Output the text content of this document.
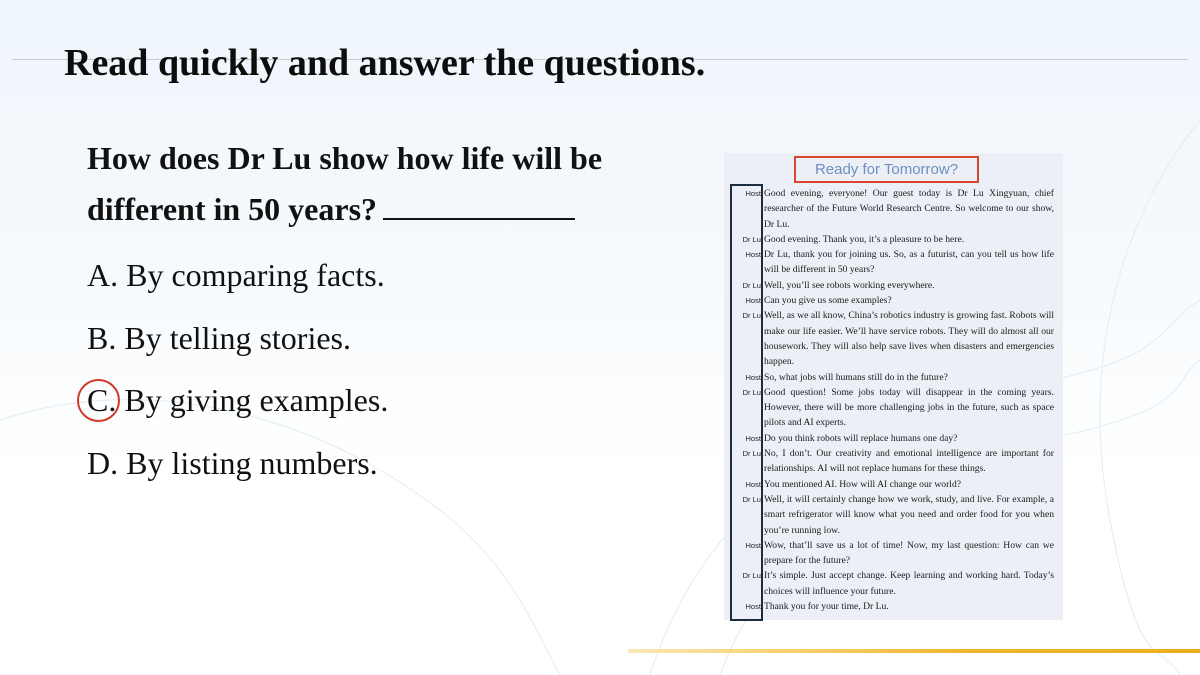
Read quickly and answer the questions.
How does Dr Lu show how life will be different in 50 years?
A. By comparing facts.
B. By telling stories.
C. By giving examples.
D. By listing numbers.
Ready for Tomorrow?
Host: Good evening, everyone! Our guest today is Dr Lu Xingyuan, chief researcher of the Future World Research Centre. So welcome to our show, Dr Lu.
Dr Lu: Good evening. Thank you, it’s a pleasure to be here.
Host: Dr Lu, thank you for joining us. So, as a futurist, can you tell us how life will be different in 50 years?
Dr Lu: Well, you’ll see robots working everywhere.
Host: Can you give us some examples?
Dr Lu: Well, as we all know, China’s robotics industry is growing fast. Robots will make our life easier. We’ll have service robots. They will do almost all our housework. They will also help save lives when disasters and emergencies happen.
Host: So, what jobs will humans still do in the future?
Dr Lu: Good question! Some jobs today will disappear in the coming years. However, there will be more challenging jobs in the future, such as space pilots and AI experts.
Host: Do you think robots will replace humans one day?
Dr Lu: No, I don’t. Our creativity and emotional intelligence are important for relationships. AI will not replace humans for these things.
Host: You mentioned AI. How will AI change our world?
Dr Lu: Well, it will certainly change how we work, study, and live. For example, a smart refrigerator will know what you need and order food for you when you’re running low.
Host: Wow, that’ll save us a lot of time! Now, my last question: How can we prepare for the future?
Dr Lu: It’s simple. Just accept change. Keep learning and working hard. Today’s choices will influence your future.
Host: Thank you for your time, Dr Lu.
